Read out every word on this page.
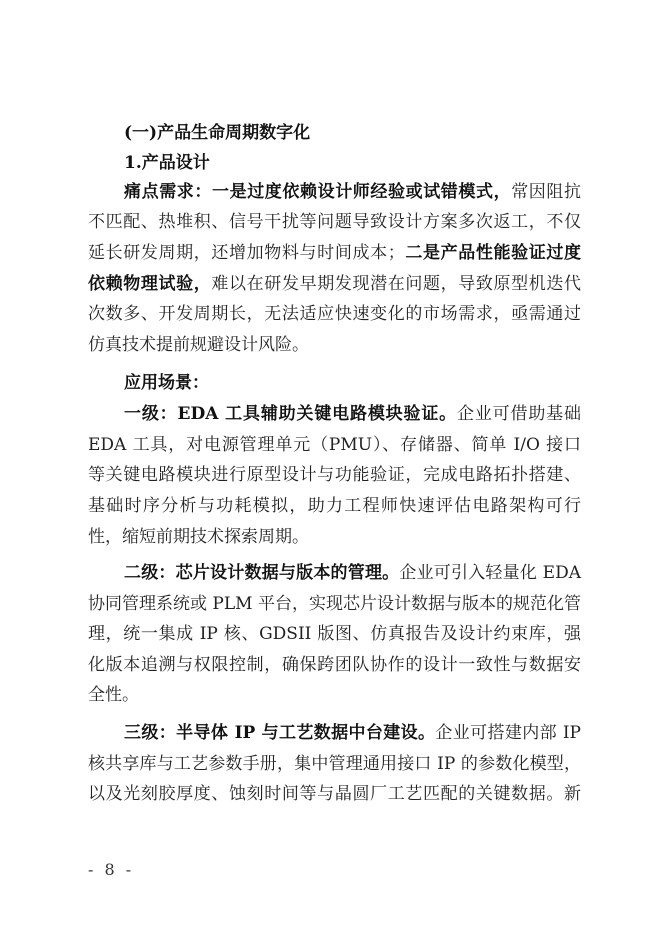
(一)产品生命周期数字化
1.产品设计
痛点需求：一是过度依赖设计师经验或试错模式，常因阻抗
不匹配、热堆积、信号干扰等问题导致设计方案多次返工，不仅
延长研发周期，还增加物料与时间成本；二是产品性能验证过度
依赖物理试验，难以在研发早期发现潜在问题，导致原型机迭代
次数多、开发周期长，无法适应快速变化的市场需求，亟需通过
仿真技术提前规避设计风险。
应用场景：
一级：EDA 工具辅助关键电路模块验证。企业可借助基础
EDA 工具，对电源管理单元（PMU）、存储器、简单 I/O 接口
等关键电路模块进行原型设计与功能验证，完成电路拓扑搭建、
基础时序分析与功耗模拟，助力工程师快速评估电路架构可行
性，缩短前期技术探索周期。
二级：芯片设计数据与版本的管理。企业可引入轻量化 EDA
协同管理系统或 PLM 平台，实现芯片设计数据与版本的规范化管
理，统一集成 IP 核、GDSII 版图、仿真报告及设计约束库，强
化版本追溯与权限控制，确保跨团队协作的设计一致性与数据安
全性。
三级：半导体 IP 与工艺数据中台建设。企业可搭建内部 IP
核共享库与工艺参数手册，集中管理通用接口 IP 的参数化模型，
以及光刻胶厚度、蚀刻时间等与晶圆厂工艺匹配的关键数据。新
- 8 -
